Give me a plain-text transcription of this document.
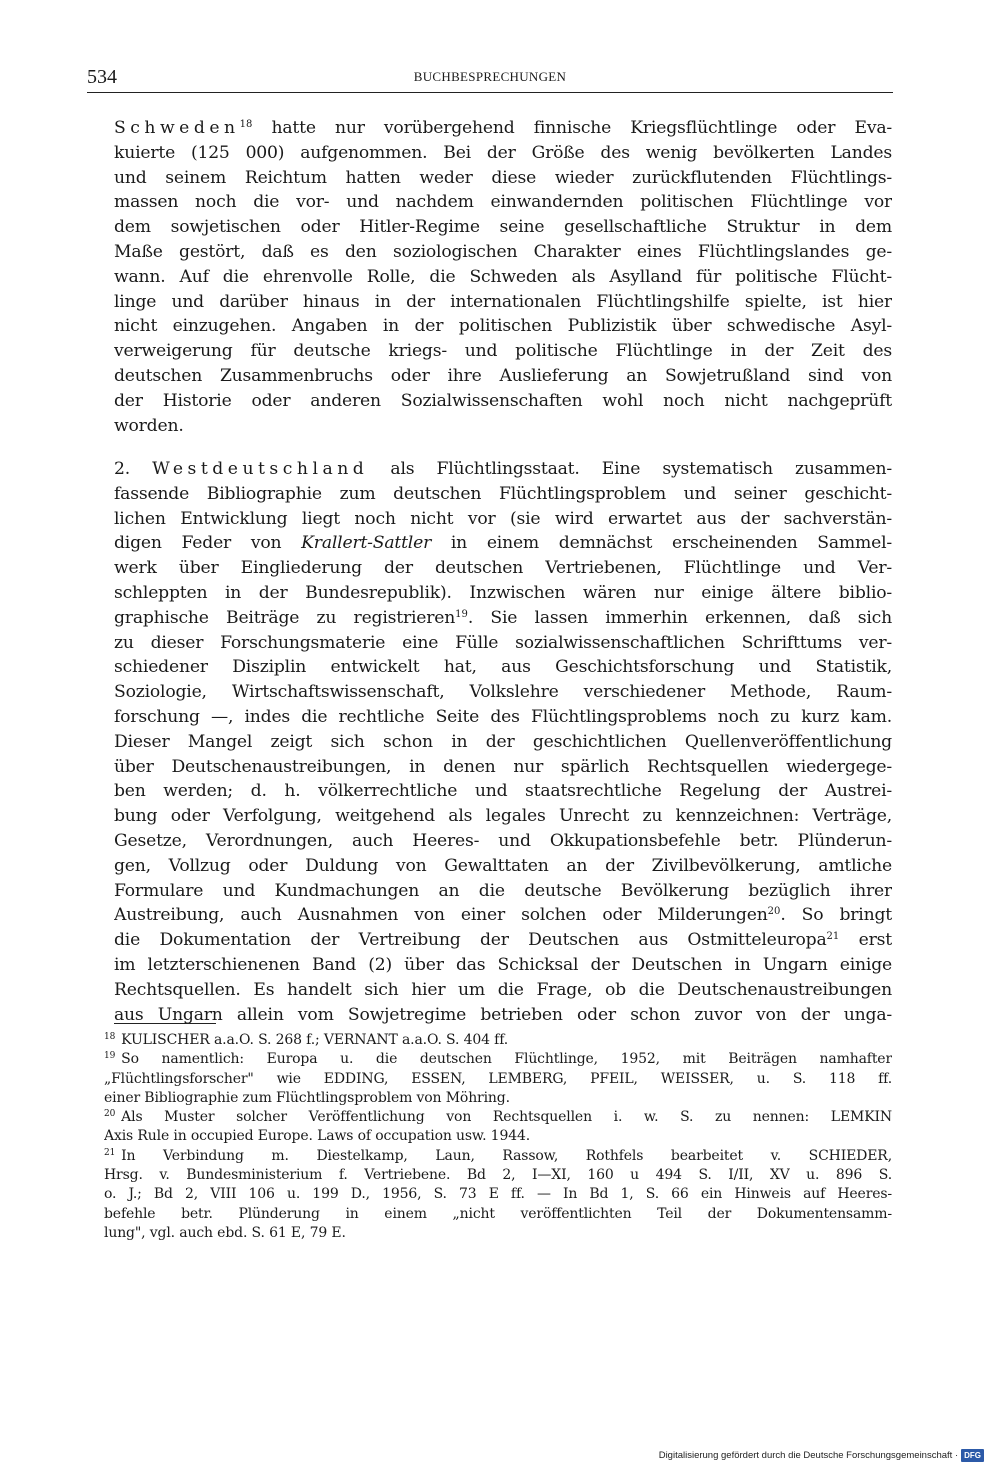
534	BUCHBESPRECHUNGEN
Schweden$^{18}$ hatte nur vorübergehend finnische Kriegsflüchtlinge oder Eva-
kuierte (125 000) aufgenommen. Bei der Größe des wenig bevölkerten Landes
und seinem Reichtum hatten weder diese wieder zurückflutenden Flüchtlings-
massen noch die vor- und nachdem einwandernden politischen Flüchtlinge vor
dem sowjetischen oder Hitler-Regime seine gesellschaftliche Struktur in dem
Maße gestört, daß es den soziologischen Charakter eines Flüchtlingslandes ge-
wann. Auf die ehrenvolle Rolle, die Schweden als Asylland für politische Flücht-
linge und darüber hinaus in der internationalen Flüchtlingshilfe spielte, ist hier
nicht einzugehen. Angaben in der politischen Publizistik über schwedische Asyl-
verweigerung für deutsche kriegs- und politische Flüchtlinge in der Zeit des
deutschen Zusammenbruchs oder ihre Auslieferung an Sowjetrußland sind von
der Historie oder anderen Sozialwissenschaften wohl noch nicht nachgeprüft
worden.
2. Westdeutschland als Flüchtlingsstaat. Eine systematisch zusammen-
fassende Bibliographie zum deutschen Flüchtlingsproblem und seiner geschicht-
lichen Entwicklung liegt noch nicht vor (sie wird erwartet aus der sachverstän-
digen Feder von Krallert-Sattler in einem demnächst erscheinenden Sammel-
werk über Eingliederung der deutschen Vertriebenen, Flüchtlinge und Ver-
schleppten in der Bundesrepublik). Inzwischen wären nur einige ältere biblio-
graphische Beiträge zu registrieren$^{19}$. Sie lassen immerhin erkennen, daß sich
zu dieser Forschungsmaterie eine Fülle sozialwissenschaftlichen Schrifttums ver-
schiedener Disziplin entwickelt hat, aus Geschichtsforschung und Statistik,
Soziologie, Wirtschaftswissenschaft, Volkslehre verschiedener Methode, Raum-
forschung —, indes die rechtliche Seite des Flüchtlingsproblems noch zu kurz kam.
Dieser Mangel zeigt sich schon in der geschichtlichen Quellenveröffentlichung
über Deutschenaustreibungen, in denen nur spärlich Rechtsquellen wiedergege-
ben werden; d. h. völkerrechtliche und staatsrechtliche Regelung der Austrei-
bung oder Verfolgung, weitgehend als legales Unrecht zu kennzeichnen: Verträge,
Gesetze, Verordnungen, auch Heeres- und Okkupationsbefehle betr. Plünderun-
gen, Vollzug oder Duldung von Gewalttaten an der Zivilbevölkerung, amtliche
Formulare und Kundmachungen an die deutsche Bevölkerung bezüglich ihrer
Austreibung, auch Ausnahmen von einer solchen oder Milderungen$^{20}$. So bringt
die Dokumentation der Vertreibung der Deutschen aus Ostmitteleuropa$^{21}$ erst
im letzterschienenen Band (2) über das Schicksal der Deutschen in Ungarn einige
Rechtsquellen. Es handelt sich hier um die Frage, ob die Deutschenaustreibungen
aus Ungarn allein vom Sowjetregime betrieben oder schon zuvor von der unga-
$^{18}$ KULISCHER a.a.O. S. 268 f.; VERNANT a.a.O. S. 404 ff.
$^{19}$ So namentlich: Europa u. die deutschen Flüchtlinge, 1952, mit Beiträgen namhafter
„Flüchtlingsforscher" wie EDDING, ESSEN, LEMBERG, PFEIL, WEISSER, u. S. 118 ff.
einer Bibliographie zum Flüchtlingsproblem von Möhring.
$^{20}$ Als Muster solcher Veröffentlichung von Rechtsquellen i. w. S. zu nennen: LEMKIN
Axis Rule in occupied Europe. Laws of occupation usw. 1944.
$^{21}$ In Verbindung m. Diestelkamp, Laun, Rassow, Rothfels bearbeitet v. SCHIEDER,
Hrsg. v. Bundesministerium f. Vertriebene. Bd 2, I—XI, 160 u 494 S. I/II, XV u. 896 S.
o. J.; Bd 2, VIII 106 u. 199 D., 1956, S. 73 E ff. — In Bd 1, S. 66 ein Hinweis auf Heeres-
befehle betr. Plünderung in einem „nicht veröffentlichten Teil der Dokumentensamm-
lung", vgl. auch ebd. S. 61 E, 79 E.
Digitalisierung gefördert durch die Deutsche Forschungsgemeinschaft · DFG
